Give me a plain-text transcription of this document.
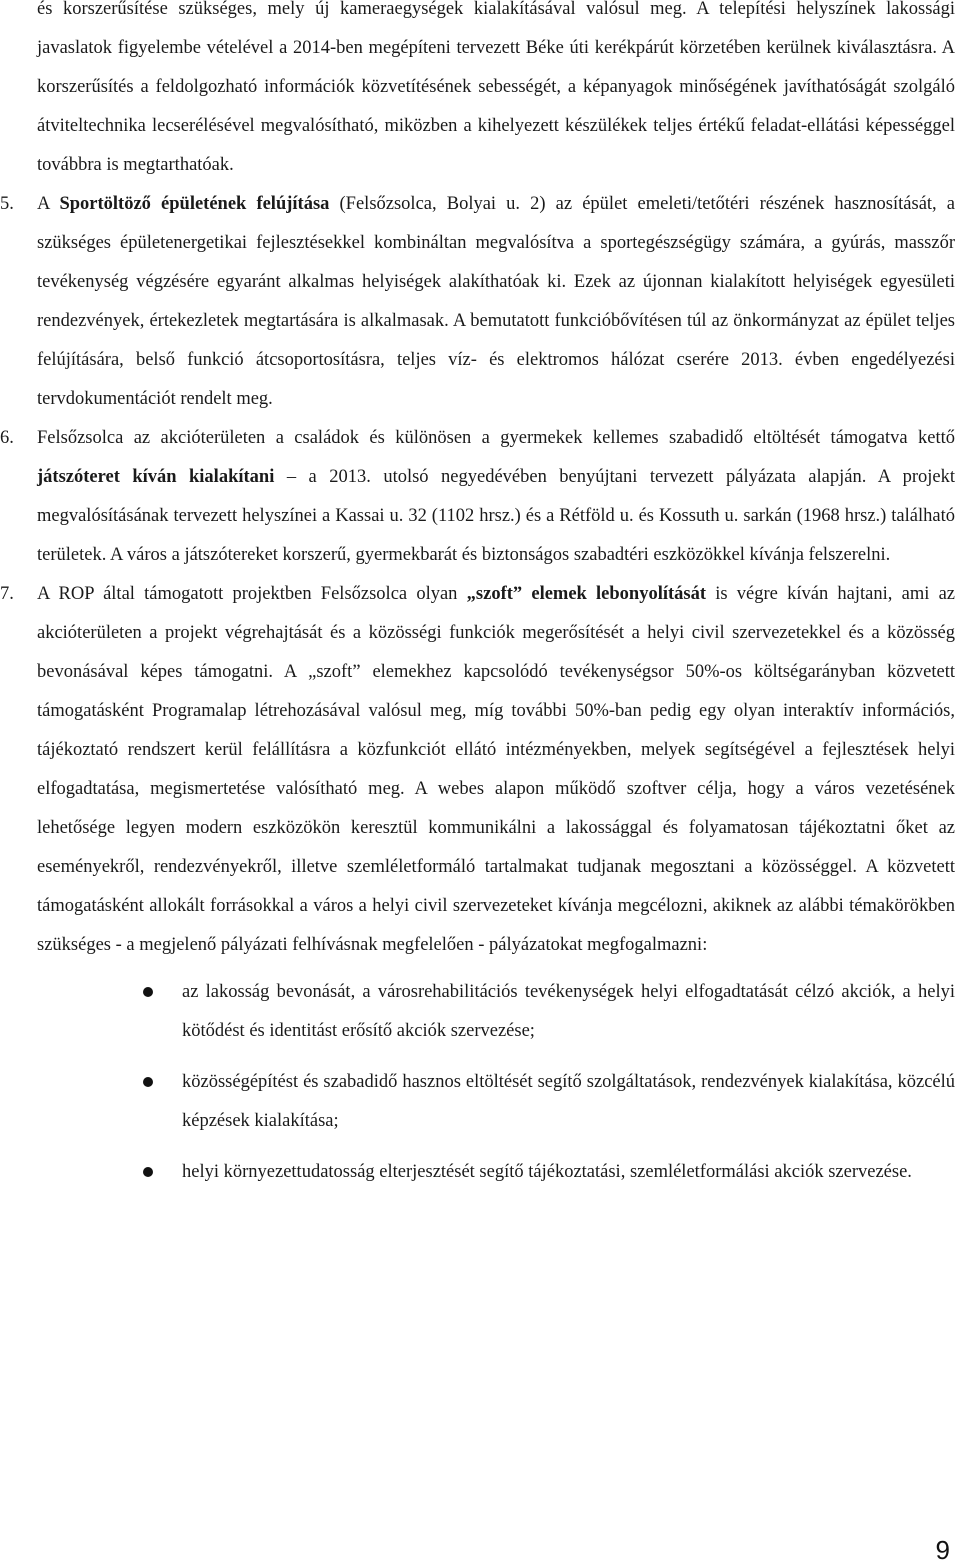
és korszerűsítése szükséges, mely új kameraegységek kialakításával valósul meg. A telepítési helyszínek lakossági javaslatok figyelembe vételével a 2014-ben megépíteni tervezett Béke úti kerékpárút körzetében kerülnek kiválasztásra. A korszerűsítés a feldolgozható információk közvetítésének sebességét, a képanyagok minőségének javíthatóságát szolgáló átviteltechnika lecserélésével megvalósítható, miközben a kihelyezett készülékek teljes értékű feladat-ellátási képességgel továbbra is megtarthatóak.
5. A Sportöltöző épületének felújítása (Felsőzsolca, Bolyai u. 2) az épület emeleti/tetőtéri részének hasznosítását, a szükséges épületenergetikai fejlesztésekkel kombináltan megvalósítva a sportegészségügy számára, a gyúrás, masszőr tevékenység végzésére egyaránt alkalmas helyiségek alakíthatóak ki. Ezek az újonnan kialakított helyiségek egyesületi rendezvények, értekezletek megtartására is alkalmasak. A bemutatott funkcióbővítésen túl az önkormányzat az épület teljes felújítására, belső funkció átcsoportosításra, teljes víz- és elektromos hálózat cserére 2013. évben engedélyezési tervdokumentációt rendelt meg.
6. Felsőzsolca az akcióterületen a családok és különösen a gyermekek kellemes szabadidő eltöltését támogatva kettő játszóteret kíván kialakítani – a 2013. utolsó negyedévében benyújtani tervezett pályázata alapján. A projekt megvalósításának tervezett helyszínei a Kassai u. 32 (1102 hrsz.) és a Rétföld u. és Kossuth u. sarkán (1968 hrsz.) található területek. A város a játszótereket korszerű, gyermekbarát és biztonságos szabadtéri eszközökkel kívánja felszerelni.
7. A ROP által támogatott projektben Felsőzsolca olyan „szoft” elemek lebonyolítását is végre kíván hajtani, ami az akcióterületen a projekt végrehajtását és a közösségi funkciók megerősítését a helyi civil szervezetekkel és a közösség bevonásával képes támogatni. A „szoft” elemekhez kapcsolódó tevékenységsor 50%-os költségarányban közvetett támogatásként Programalap létrehozásával valósul meg, míg további 50%-ban pedig egy olyan interaktív információs, tájékoztató rendszert kerül felállításra a közfunkciót ellátó intézményekben, melyek segítségével a fejlesztések helyi elfogadtatása, megismertetése valósítható meg. A webes alapon működő szoftver célja, hogy a város vezetésének lehetősége legyen modern eszközökön keresztül kommunikálni a lakossággal és folyamatosan tájékoztatni őket az eseményekről, rendezvényekről, illetve szemléletformáló tartalmakat tudjanak megosztani a közösséggel. A közvetett támogatásként allokált forrásokkal a város a helyi civil szervezeteket kívánja megcélozni, akiknek az alábbi témakörökben szükséges - a megjelenő pályázati felhívásnak megfelelően - pályázatokat megfogalmazni:
az lakosság bevonását, a városrehabilitációs tevékenységek helyi elfogadtatását célzó akciók, a helyi kötődést és identitást erősítő akciók szervezése;
közösségépítést és szabadidő hasznos eltöltését segítő szolgáltatások, rendezvények kialakítása, közcélú képzések kialakítása;
helyi környezettudatosság elterjesztését segítő tájékoztatási, szemléletformálási akciók szervezése.
9
